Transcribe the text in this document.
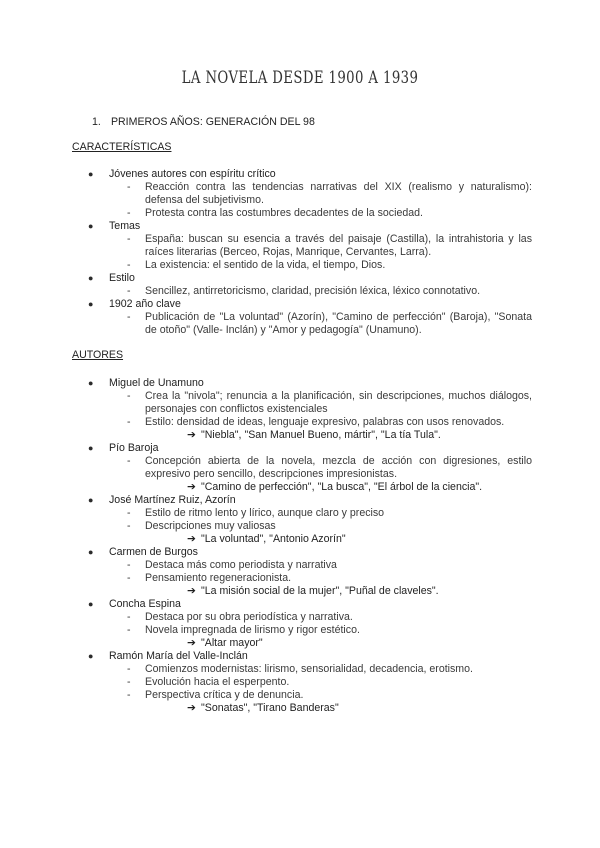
LA NOVELA DESDE 1900 A 1939
1. PRIMEROS AÑOS: GENERACIÓN DEL 98
CARACTERÍSTICAS
● Jóvenes autores con espíritu crítico
- Reacción contra las tendencias narrativas del XIX (realismo y naturalismo): defensa del subjetivismo.
- Protesta contra las costumbres decadentes de la sociedad.
● Temas
- España: buscan su esencia a través del paisaje (Castilla), la intrahistoria y las raíces literarias (Berceo, Rojas, Manrique, Cervantes, Larra).
- La existencia: el sentido de la vida, el tiempo, Dios.
● Estilo
- Sencillez, antirretoricismo, claridad, precisión léxica, léxico connotativo.
● 1902 año clave
- Publicación de "La voluntad" (Azorín), "Camino de perfección" (Baroja), "Sonata de otoño" (Valle- Inclán) y "Amor y pedagogía" (Unamuno).
AUTORES
● Miguel de Unamuno
- Crea la "nivola"; renuncia a la planificación, sin descripciones, muchos diálogos, personajes con conflictos existenciales
- Estilo: densidad de ideas, lenguaje expresivo, palabras con usos renovados.
➔ "Niebla", "San Manuel Bueno, mártir", "La tía Tula".
● Pío Baroja
- Concepción abierta de la novela, mezcla de acción con digresiones, estilo expresivo pero sencillo, descripciones impresionistas.
➔ "Camino de perfección", "La busca", "El árbol de la ciencia".
● José Martínez Ruiz, Azorín
- Estilo de ritmo lento y lírico, aunque claro y preciso
- Descripciones muy valiosas
➔ "La voluntad", "Antonio Azorín"
● Carmen de Burgos
- Destaca más como periodista y narrativa
- Pensamiento regeneracionista.
➔ "La misión social de la mujer", "Puñal de claveles".
● Concha Espina
- Destaca por su obra periodística y narrativa.
- Novela impregnada de lirismo y rigor estético.
➔ "Altar mayor"
● Ramón María del Valle-Inclán
- Comienzos modernistas: lirismo, sensorialidad, decadencia, erotismo.
- Evolución hacia el esperpento.
- Perspectiva crítica y de denuncia.
➔ "Sonatas", "Tirano Banderas"
